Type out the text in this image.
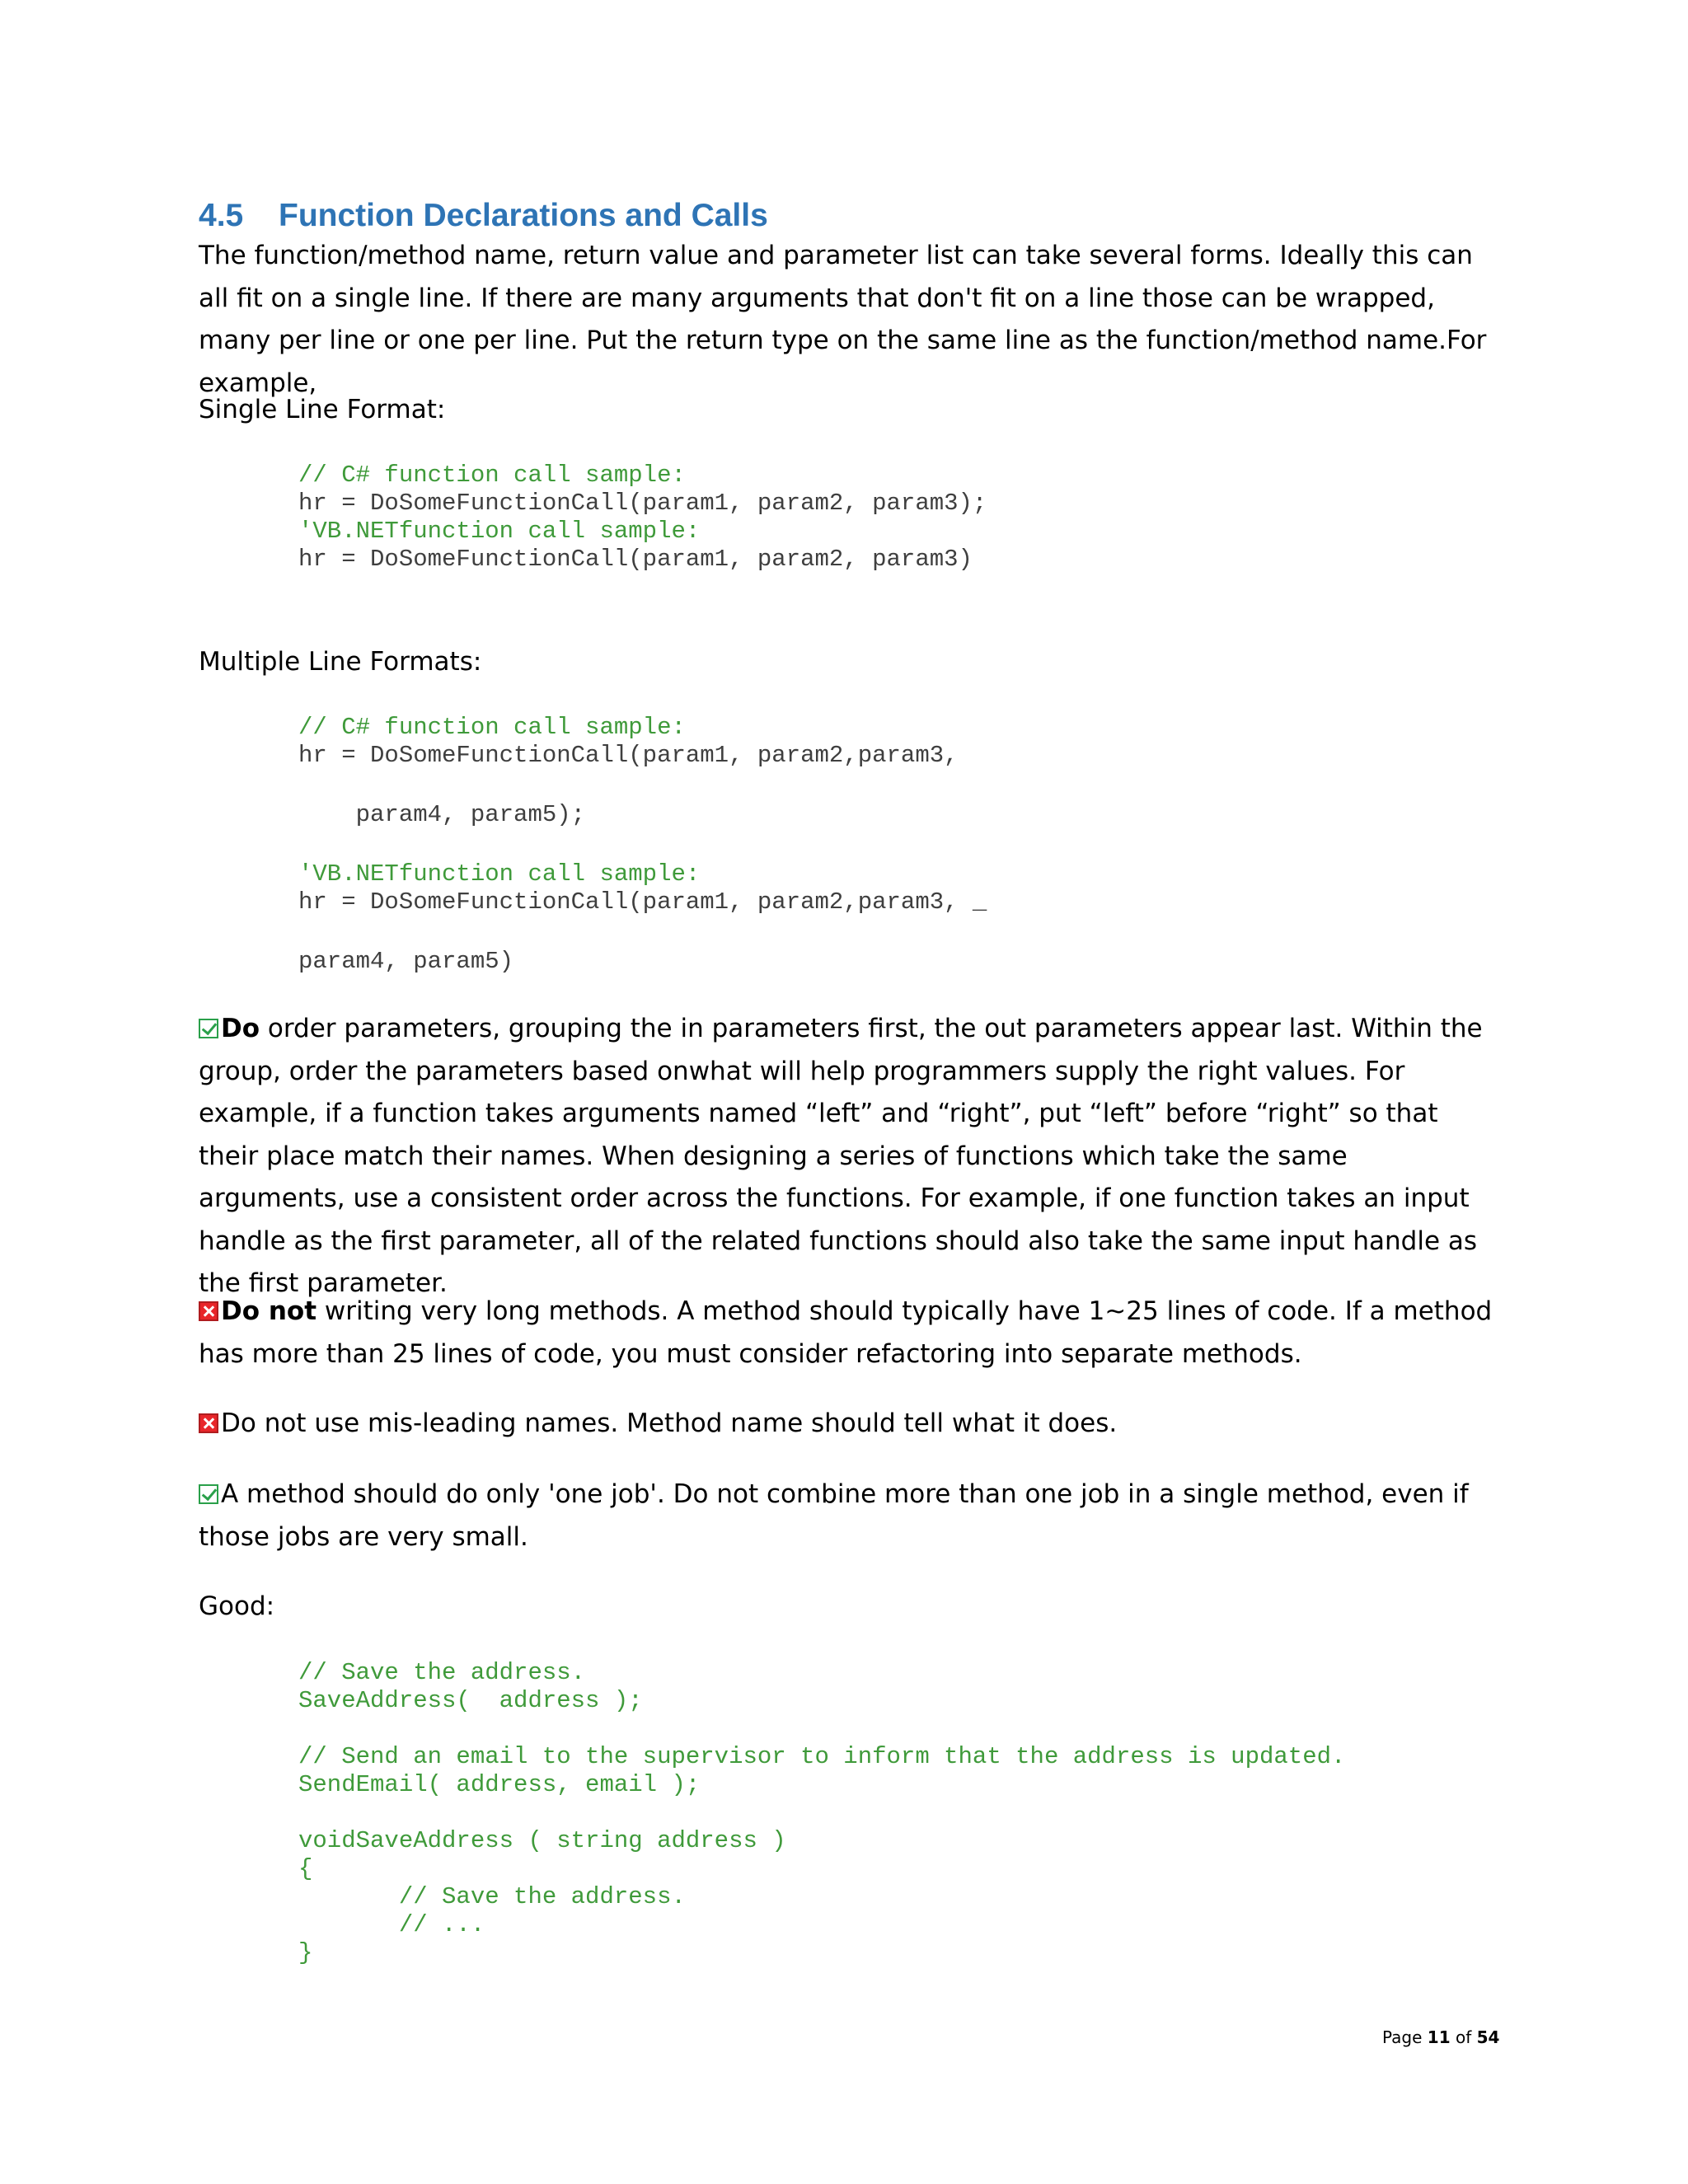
4.5 Function Declarations and Calls

The function/method name, return value and parameter list can take several forms. Ideally this can all fit on a single line. If there are many arguments that don't fit on a line those can be wrapped, many per line or one per line. Put the return type on the same line as the function/method name.For example,

Single Line Format:

// C# function call sample:
hr = DoSomeFunctionCall(param1, param2, param3);
'VB.NETfunction call sample:
hr = DoSomeFunctionCall(param1, param2, param3)

Multiple Line Formats:

// C# function call sample:
hr = DoSomeFunctionCall(param1, param2,param3,
param4, param5);
'VB.NETfunction call sample:
hr = DoSomeFunctionCall(param1, param2,param3, _
param4, param5)

Do order parameters, grouping the in parameters first, the out parameters appear last. Within the group, order the parameters based onwhat will help programmers supply the right values. For example, if a function takes arguments named “left” and “right”, put “left” before “right” so that their place match their names. When designing a series of functions which take the same arguments, use a consistent order across the functions. For example, if one function takes an input handle as the first parameter, all of the related functions should also take the same input handle as the first parameter.

Do not writing very long methods. A method should typically have 1~25 lines of code. If a method has more than 25 lines of code, you must consider refactoring into separate methods.

Do not use mis-leading names. Method name should tell what it does.

A method should do only 'one job'. Do not combine more than one job in a single method, even if those jobs are very small.

Good:

// Save the address.
SaveAddress(  address );
// Send an email to the supervisor to inform that the address is updated.
SendEmail( address, email );
voidSaveAddress ( string address )
{
// Save the address.
// ...
}
Page 11 of 54
